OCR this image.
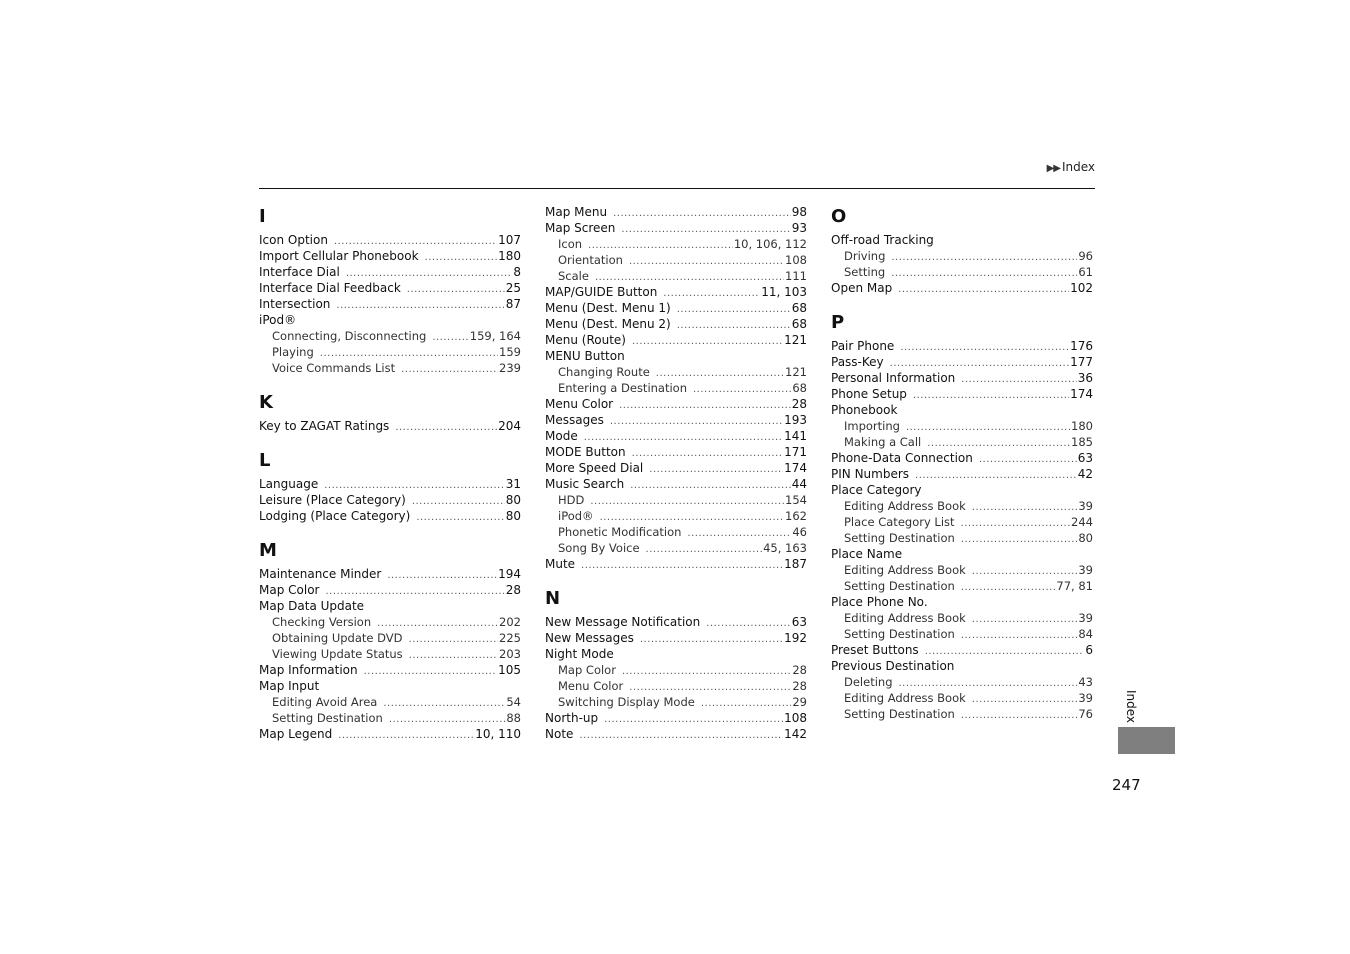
▶▶ Index
I
Icon Option .....	107
Import Cellular Phonebook .....	180
Interface Dial .....	8
Interface Dial Feedback .....	25
Intersection .....	87
iPod®
Connecting, Disconnecting .....	159, 164
Playing .....	159
Voice Commands List .....	239
K
Key to ZAGAT Ratings .....	204
L
Language .....	31
Leisure (Place Category) .....	80
Lodging (Place Category) .....	80
M
Maintenance Minder .....	194
Map Color .....	28
Map Data Update
Checking Version .....	202
Obtaining Update DVD .....	225
Viewing Update Status .....	203
Map Information .....	105
Map Input
Editing Avoid Area .....	54
Setting Destination .....	88
Map Legend .....	10, 110
Map Menu .....	98
Map Screen .....	93
Icon .....	10, 106, 112
Orientation .....	108
Scale .....	111
MAP/GUIDE Button .....	11, 103
Menu (Dest. Menu 1) .....	68
Menu (Dest. Menu 2) .....	68
Menu (Route) .....	121
MENU Button
Changing Route .....	121
Entering a Destination .....	68
Menu Color .....	28
Messages .....	193
Mode .....	141
MODE Button .....	171
More Speed Dial .....	174
Music Search .....	44
HDD .....	154
iPod® .....	162
Phonetic Modification .....	46
Song By Voice .....	45, 163
Mute .....	187
N
New Message Notification .....	63
New Messages .....	192
Night Mode
Map Color .....	28
Menu Color .....	28
Switching Display Mode .....	29
North-up .....	108
Note .....	142
O
Off-road Tracking
Driving .....	96
Setting .....	61
Open Map .....	102
P
Pair Phone .....	176
Pass-Key .....	177
Personal Information .....	36
Phone Setup .....	174
Phonebook
Importing .....	180
Making a Call .....	185
Phone-Data Connection .....	63
PIN Numbers .....	42
Place Category
Editing Address Book .....	39
Place Category List .....	244
Setting Destination .....	80
Place Name
Editing Address Book .....	39
Setting Destination .....	77, 81
Place Phone No.
Editing Address Book .....	39
Setting Destination .....	84
Preset Buttons .....	6
Previous Destination
Deleting .....	43
Editing Address Book .....	39
Setting Destination .....	76	Index
247
